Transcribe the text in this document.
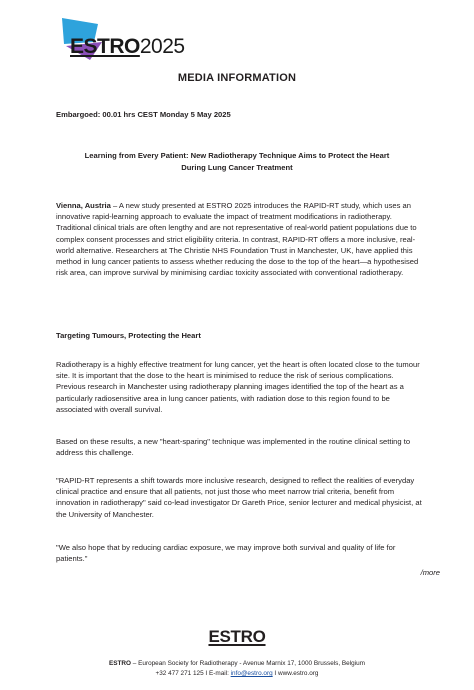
ESTRO2025
MEDIA INFORMATION
Embargoed: 00.01 hrs CEST Monday 5 May 2025
Learning from Every Patient: New Radiotherapy Technique Aims to Protect the Heart
During Lung Cancer Treatment

Vienna, Austria – A new study presented at ESTRO 2025 introduces the RAPID-RT study, which uses an innovative rapid-learning approach to evaluate the impact of treatment modifications in radiotherapy. Traditional clinical trials are often lengthy and are not representative of real-world patient populations due to complex consent processes and strict eligibility criteria. In contrast, RAPID-RT offers a more inclusive, real-world alternative. Researchers at The Christie NHS Foundation Trust in Manchester, UK, have applied this method in lung cancer patients to assess whether reducing the dose to the top of the heart—a hypothesised risk area, can improve survival by minimising cardiac toxicity associated with conventional radiotherapy.

Targeting Tumours, Protecting the Heart

Radiotherapy is a highly effective treatment for lung cancer, yet the heart is often located close to the tumour site. It is important that the dose to the heart is minimised to reduce the risk of serious complications. Previous research in Manchester using radiotherapy planning images identified the top of the heart as a particularly radiosensitive area in lung cancer patients, with radiation dose to this region found to be associated with overall survival.

Based on these results, a new "heart-sparing" technique was implemented in the routine clinical setting to address this challenge.

"RAPID-RT represents a shift towards more inclusive research, designed to reflect the realities of everyday clinical practice and ensure that all patients, not just those who meet narrow trial criteria, benefit from innovation in radiotherapy" said co-lead investigator Dr Gareth Price, senior lecturer and medical physicist, at the University of Manchester.

"We also hope that by reducing cardiac exposure, we may improve both survival and quality of life for patients."

/more
ESTRO
ESTRO – European Society for Radiotherapy - Avenue Marnix 17, 1000 Brussels, Belgium
+32 477 271 125 I E-mail: info@estro.org I www.estro.org
